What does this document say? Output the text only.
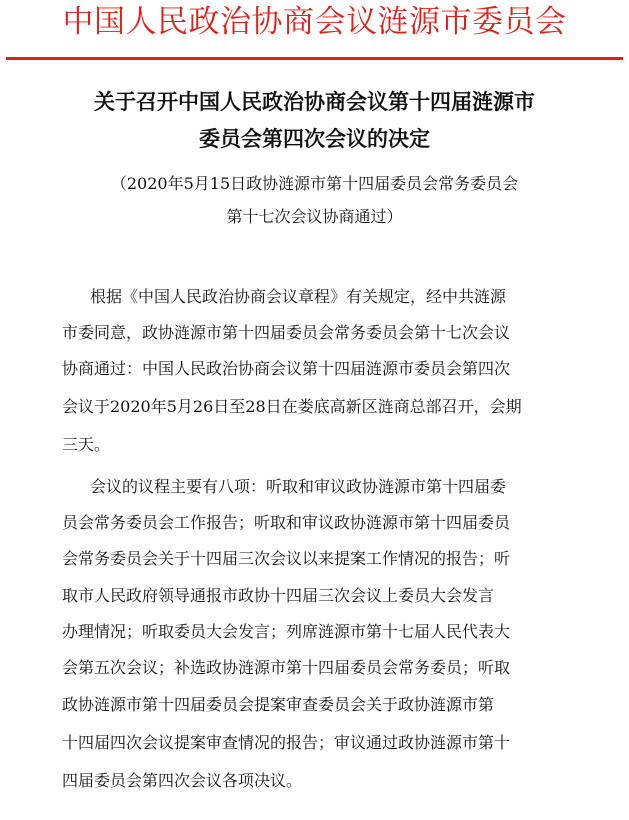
中国人民政治协商会议涟源市委员会
关于召开中国人民政治协商会议第十四届涟源市
委员会第四次会议的决定
（2020年5月15日政协涟源市第十四届委员会常务委员会
第十七次会议协商通过）
根据《中国人民政治协商会议章程》有关规定，经中共涟源
市委同意，政协涟源市第十四届委员会常务委员会第十七次会议
协商通过：中国人民政治协商会议第十四届涟源市委员会第四次
会议于2020年5月26日至28日在娄底高新区涟商总部召开，会期
三天。
会议的议程主要有八项：听取和审议政协涟源市第十四届委
员会常务委员会工作报告；听取和审议政协涟源市第十四届委员
会常务委员会关于十四届三次会议以来提案工作情况的报告；听
取市人民政府领导通报市政协十四届三次会议上委员大会发言
办理情况；听取委员大会发言；列席涟源市第十七届人民代表大
会第五次会议；补选政协涟源市第十四届委员会常务委员；听取
政协涟源市第十四届委员会提案审查委员会关于政协涟源市第
十四届四次会议提案审查情况的报告；审议通过政协涟源市第十
四届委员会第四次会议各项决议。
